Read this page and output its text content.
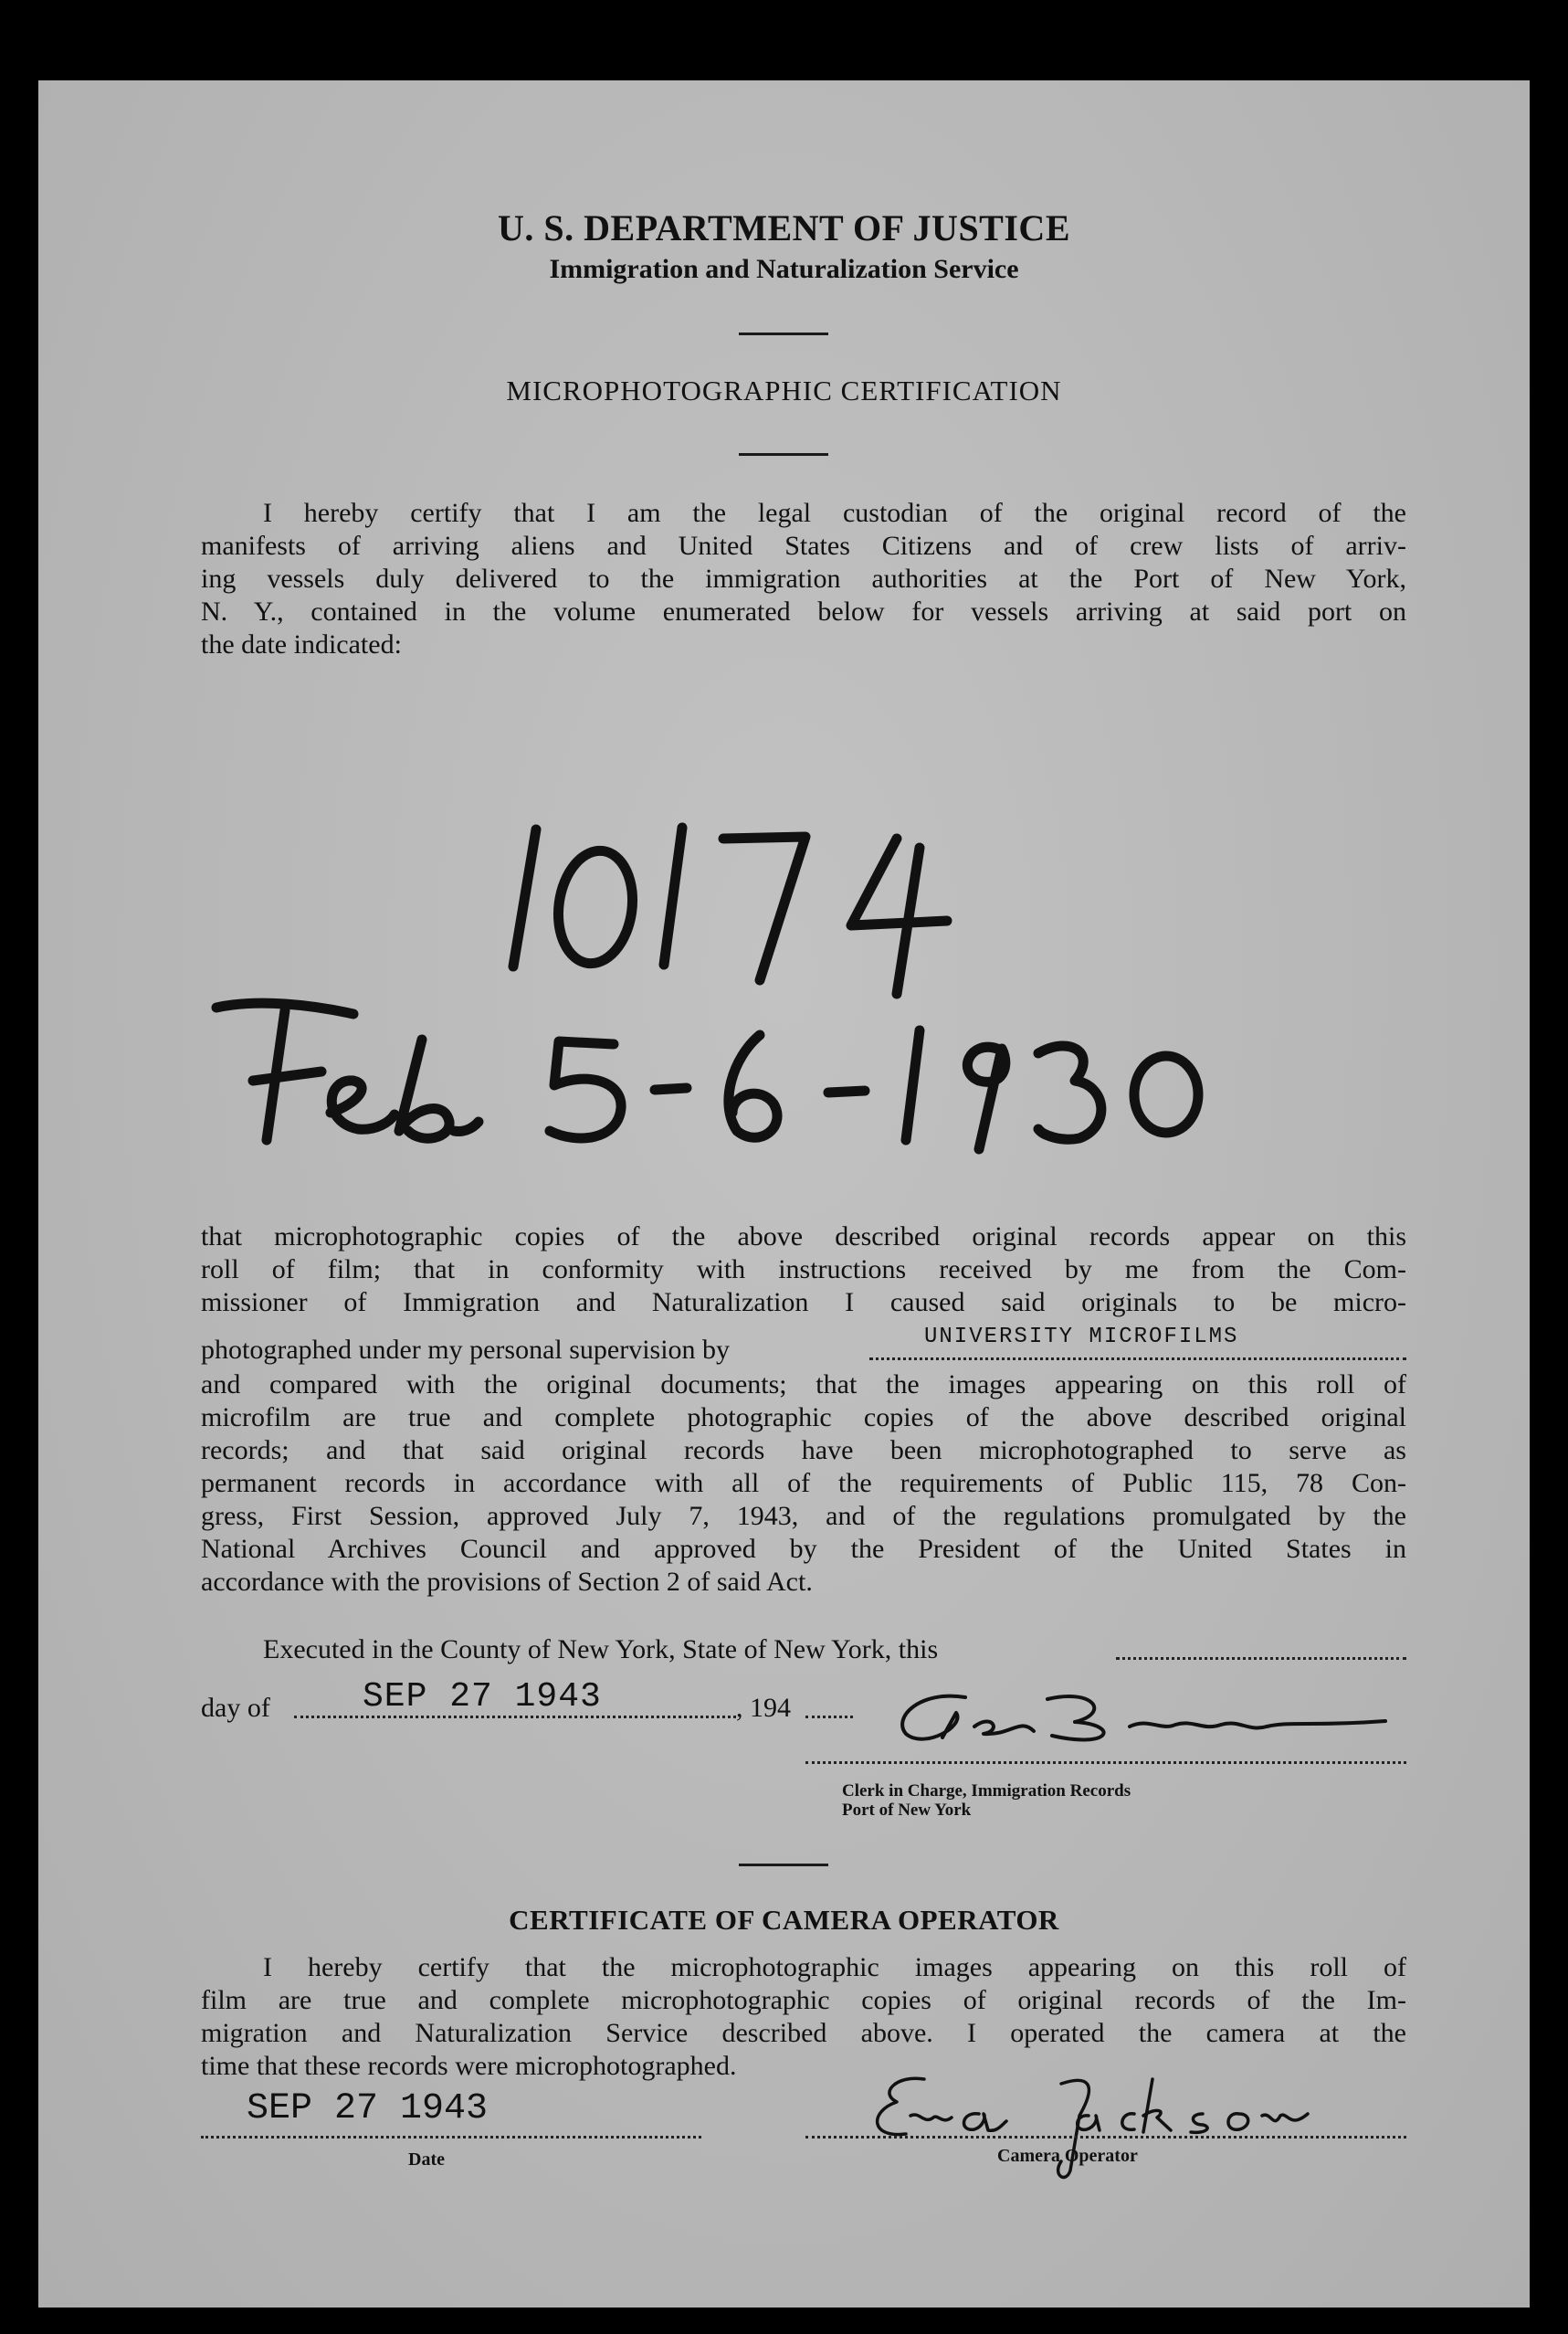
U. S. DEPARTMENT OF JUSTICE
Immigration and Naturalization Service
MICROPHOTOGRAPHIC CERTIFICATION
I hereby certify that I am the legal custodian of the original record of the
manifests of arriving aliens and United States Citizens and of crew lists of arriv-
ing vessels duly delivered to the immigration authorities at the Port of New York,
N. Y., contained in the volume enumerated below for vessels arriving at said port on
the date indicated:
that microphotographic copies of the above described original records appear on this
roll of film; that in conformity with instructions received by me from the Com-
missioner of Immigration and Naturalization I caused said originals to be micro-
photographed under my personal supervision by	UNIVERSITY MICROFILMS
and compared with the original documents; that the images appearing on this roll of
microfilm are true and complete photographic copies of the above described original
records; and that said original records have been microphotographed to serve as
permanent records in accordance with all of the requirements of Public 115, 78 Con-
gress, First Session, approved July 7, 1943, and of the regulations promulgated by the
National Archives Council and approved by the President of the United States in
accordance with the provisions of Section 2 of said Act.
Executed in the County of New York, State of New York, this
day of	SEP 27 1943	, 194
Clerk in Charge, Immigration Records
Port of New York
CERTIFICATE OF CAMERA OPERATOR
I hereby certify that the microphotographic images appearing on this roll of
film are true and complete microphotographic copies of original records of the Im-
migration and Naturalization Service described above. I operated the camera at the
time that these records were microphotographed.
SEP 27 1943
Date	Camera Operator
